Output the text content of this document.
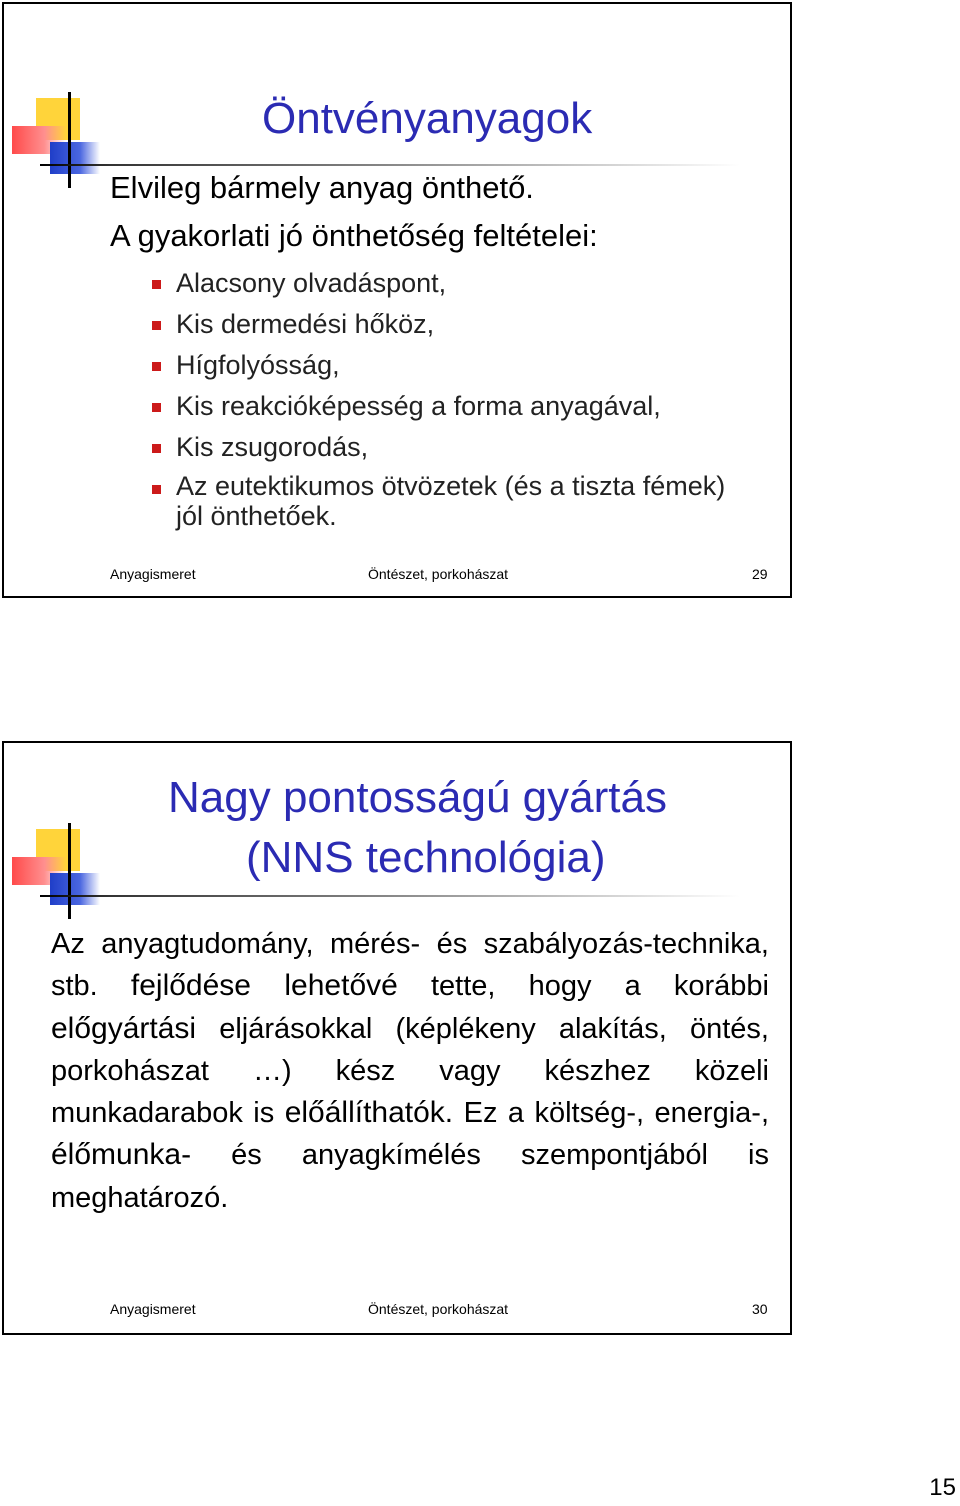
Öntvényanyagok
Elvileg bármely anyag önthető.
A gyakorlati jó önthetőség feltételei:
Alacsony olvadáspont,
Kis dermedési hőköz,
Hígfolyósság,
Kis reakcióképesség a forma anyagával,
Kis zsugorodás,
Az eutektikumos ötvözetek (és a tiszta fémek) jól önthetőek.
Anyagismeret	Öntészet, porkohászat	29
Nagy pontosságú gyártás
(NNS technológia)
Az anyagtudomány, mérés- és szabályozás-technika, stb. fejlődése lehetővé tette, hogy a korábbi előgyártási eljárásokkal (képlékeny alakítás, öntés, porkohászat …) kész vagy készhez közeli munkadarabok is előállíthatók. Ez a költség-, energia-, élőmunka- és anyagkímélés szempontjából is meghatározó.
Anyagismeret	Öntészet, porkohászat	30
15
